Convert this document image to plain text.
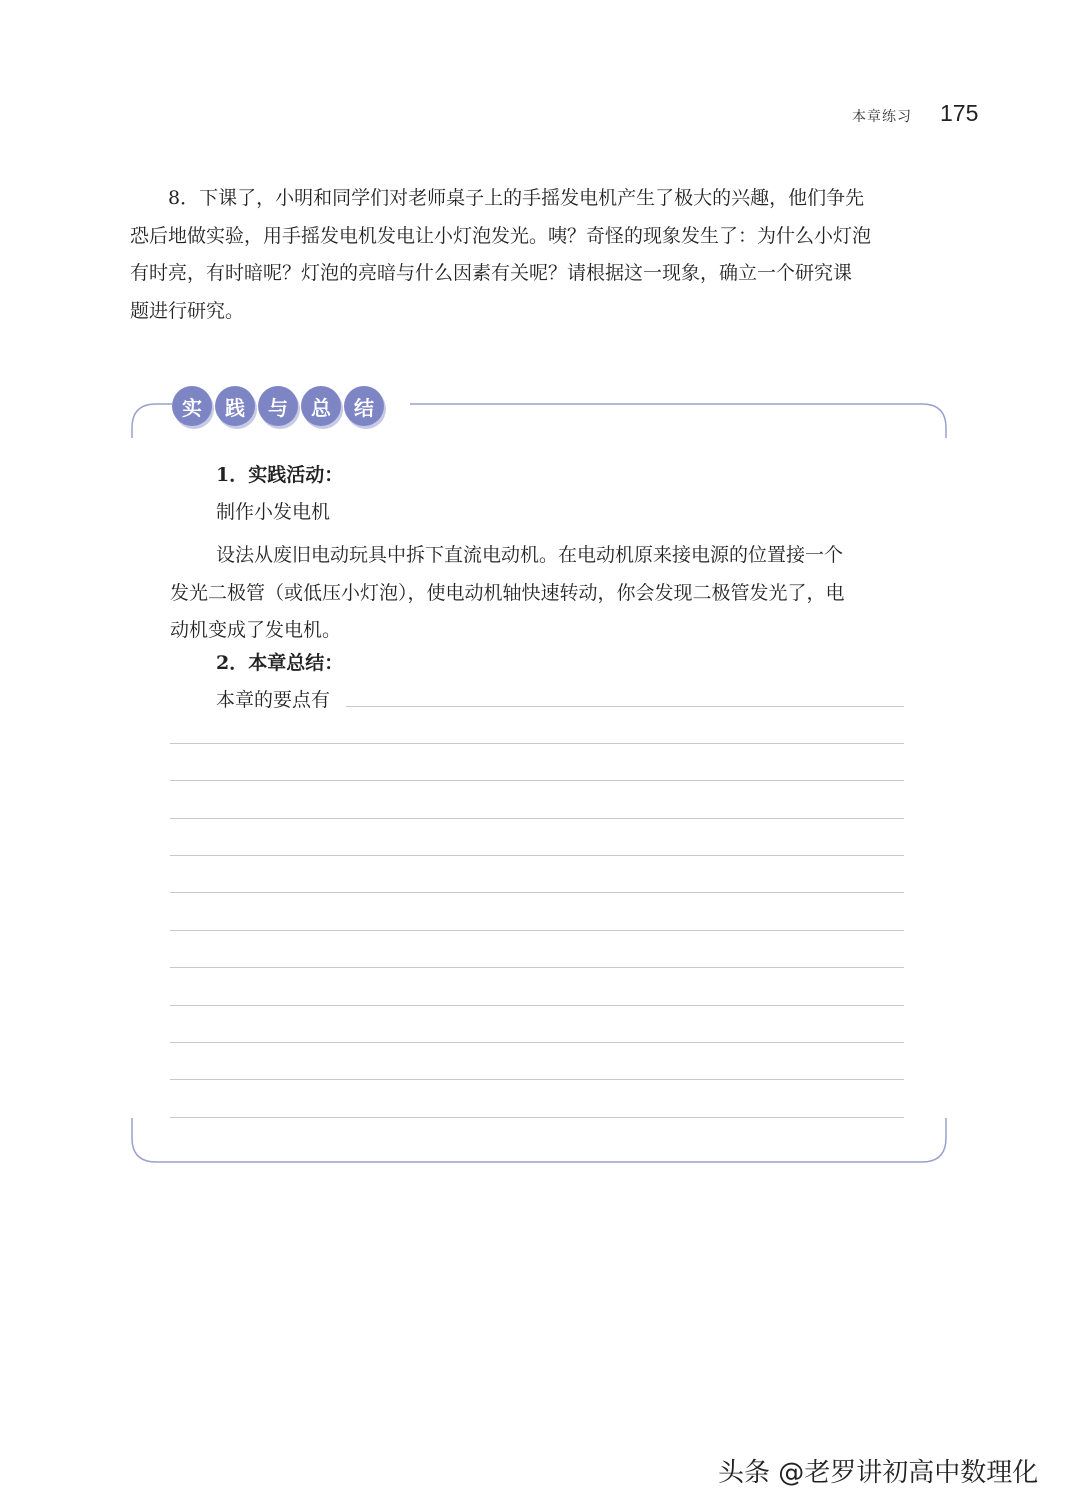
本章练习 175

8．下课了，小明和同学们对老师桌子上的手摇发电机产生了极大的兴趣，他们争先
恐后地做实验，用手摇发电机发电让小灯泡发光。咦？奇怪的现象发生了：为什么小灯泡
有时亮，有时暗呢？灯泡的亮暗与什么因素有关呢？请根据这一现象，确立一个研究课
题进行研究。

实	践	与	总	结
1．实践活动：
制作小发电机

设法从废旧电动玩具中拆下直流电动机。在电动机原来接电源的位置接一个
发光二极管（或低压小灯泡），使电动机轴快速转动，你会发现二极管发光了，电
动机变成了发电机。

2．本章总结：
本章的要点有
头条 @老罗讲初高中数理化
